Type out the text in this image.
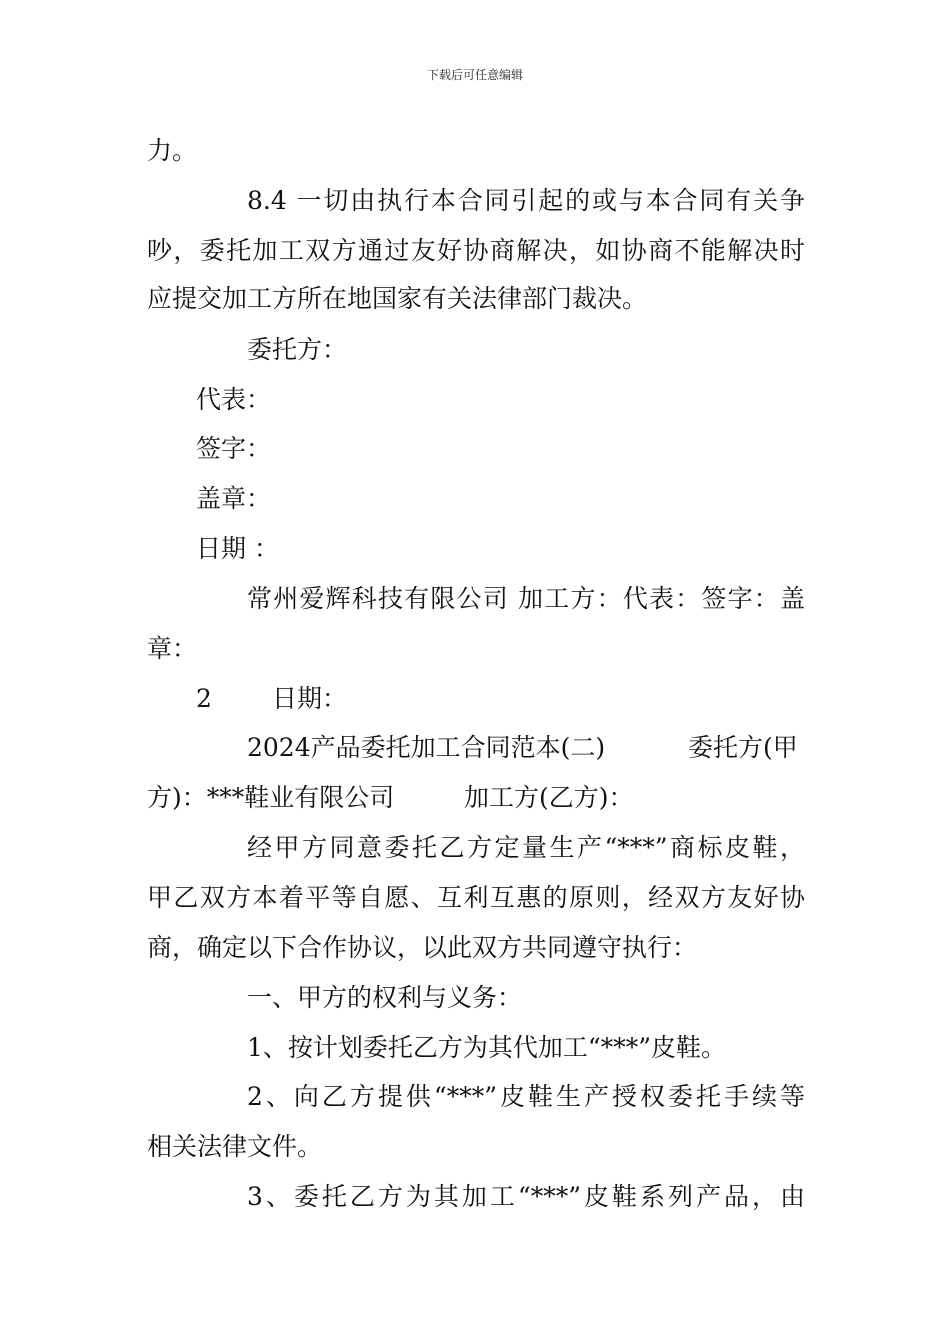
下载后可任意编辑
力。
8.4 一切由执行本合同引起的或与本合同有关争
吵，委托加工双方通过友好协商解决，如协商不能解决时
应提交加工方所在地国家有关法律部门裁决。
委托方：
代表：
签字：
盖章：
日期 ：
常州爱辉科技有限公司 加工方：代表：签字：盖
章：
2 日期：
2024产品委托加工合同范本(二)	委托方(甲
方)：***鞋业有限公司	加工方(乙方)：
经甲方同意委托乙方定量生产“***”商标皮鞋，
甲乙双方本着平等自愿、互利互惠的原则，经双方友好协
商，确定以下合作协议，以此双方共同遵守执行：
一、甲方的权利与义务：
1、按计划委托乙方为其代加工“***”皮鞋。
2、向乙方提供“***”皮鞋生产授权委托手续等
相关法律文件。
3、委托乙方为其加工“***”皮鞋系列产品，由
